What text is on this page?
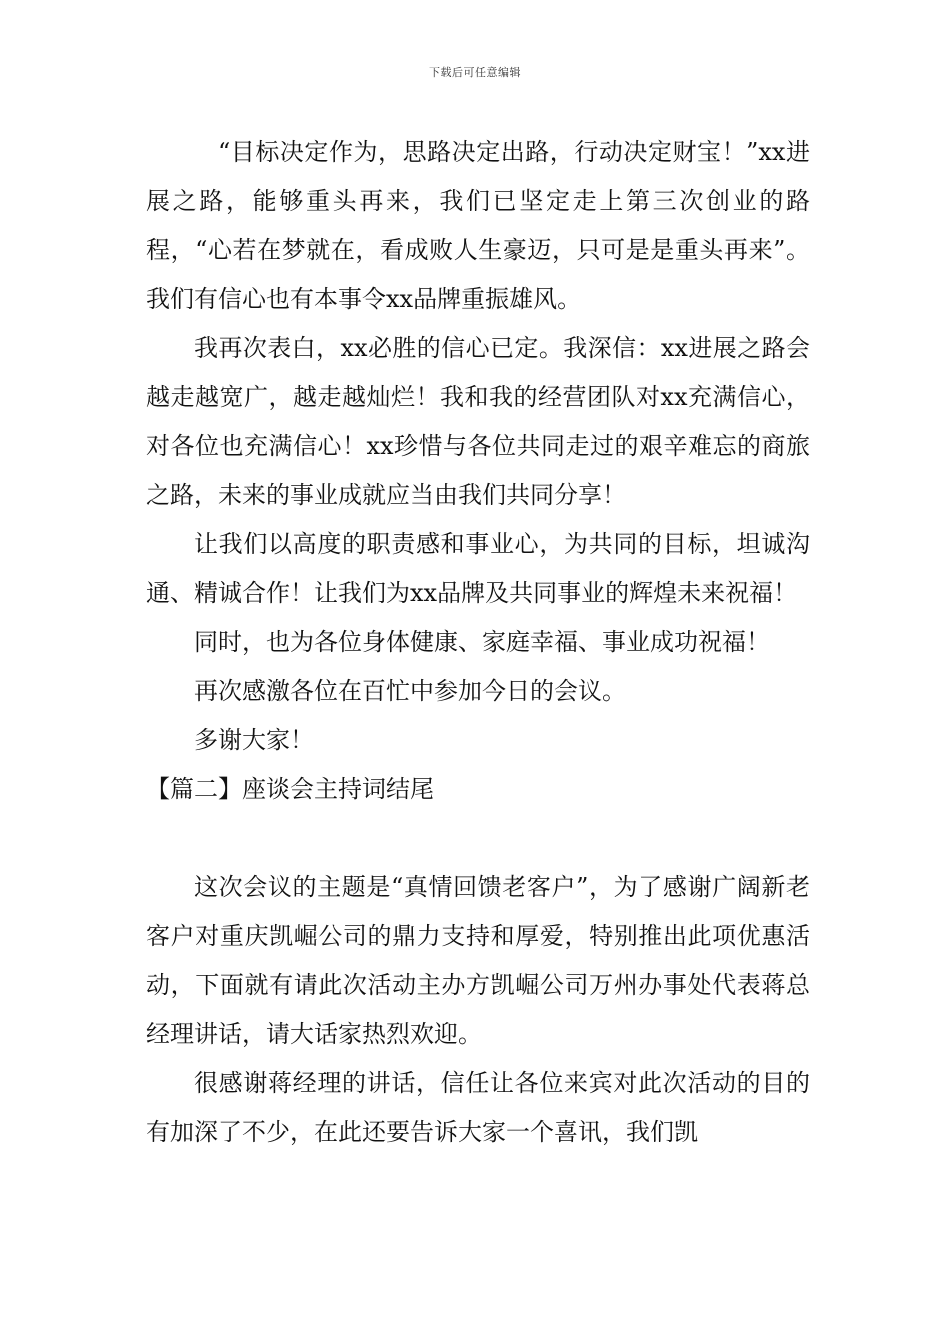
下载后可任意编辑

“目标决定作为，思路决定出路，行动决定财宝！”xx进展之路，能够重头再来，我们已坚定走上第三次创业的路程，“心若在梦就在，看成败人生豪迈，只可是是重头再来”。我们有信心也有本事令xx品牌重振雄风。

我再次表白，xx必胜的信心已定。我深信：xx进展之路会越走越宽广，越走越灿烂！我和我的经营团队对xx充满信心，对各位也充满信心！xx珍惜与各位共同走过的艰辛难忘的商旅之路，未来的事业成就应当由我们共同分享！

让我们以高度的职责感和事业心，为共同的目标，坦诚沟通、精诚合作！让我们为xx品牌及共同事业的辉煌未来祝福！

同时，也为各位身体健康、家庭幸福、事业成功祝福！

再次感激各位在百忙中参加今日的会议。

多谢大家！

【篇二】座谈会主持词结尾

这次会议的主题是“真情回馈老客户”，为了感谢广阔新老客户对重庆凯崛公司的鼎力支持和厚爱，特别推出此项优惠活动，下面就有请此次活动主办方凯崛公司万州办事处代表蒋总经理讲话，请大话家热烈欢迎。

很感谢蒋经理的讲话，信任让各位来宾对此次活动的目的有加深了不少，在此还要告诉大家一个喜讯，我们凯
